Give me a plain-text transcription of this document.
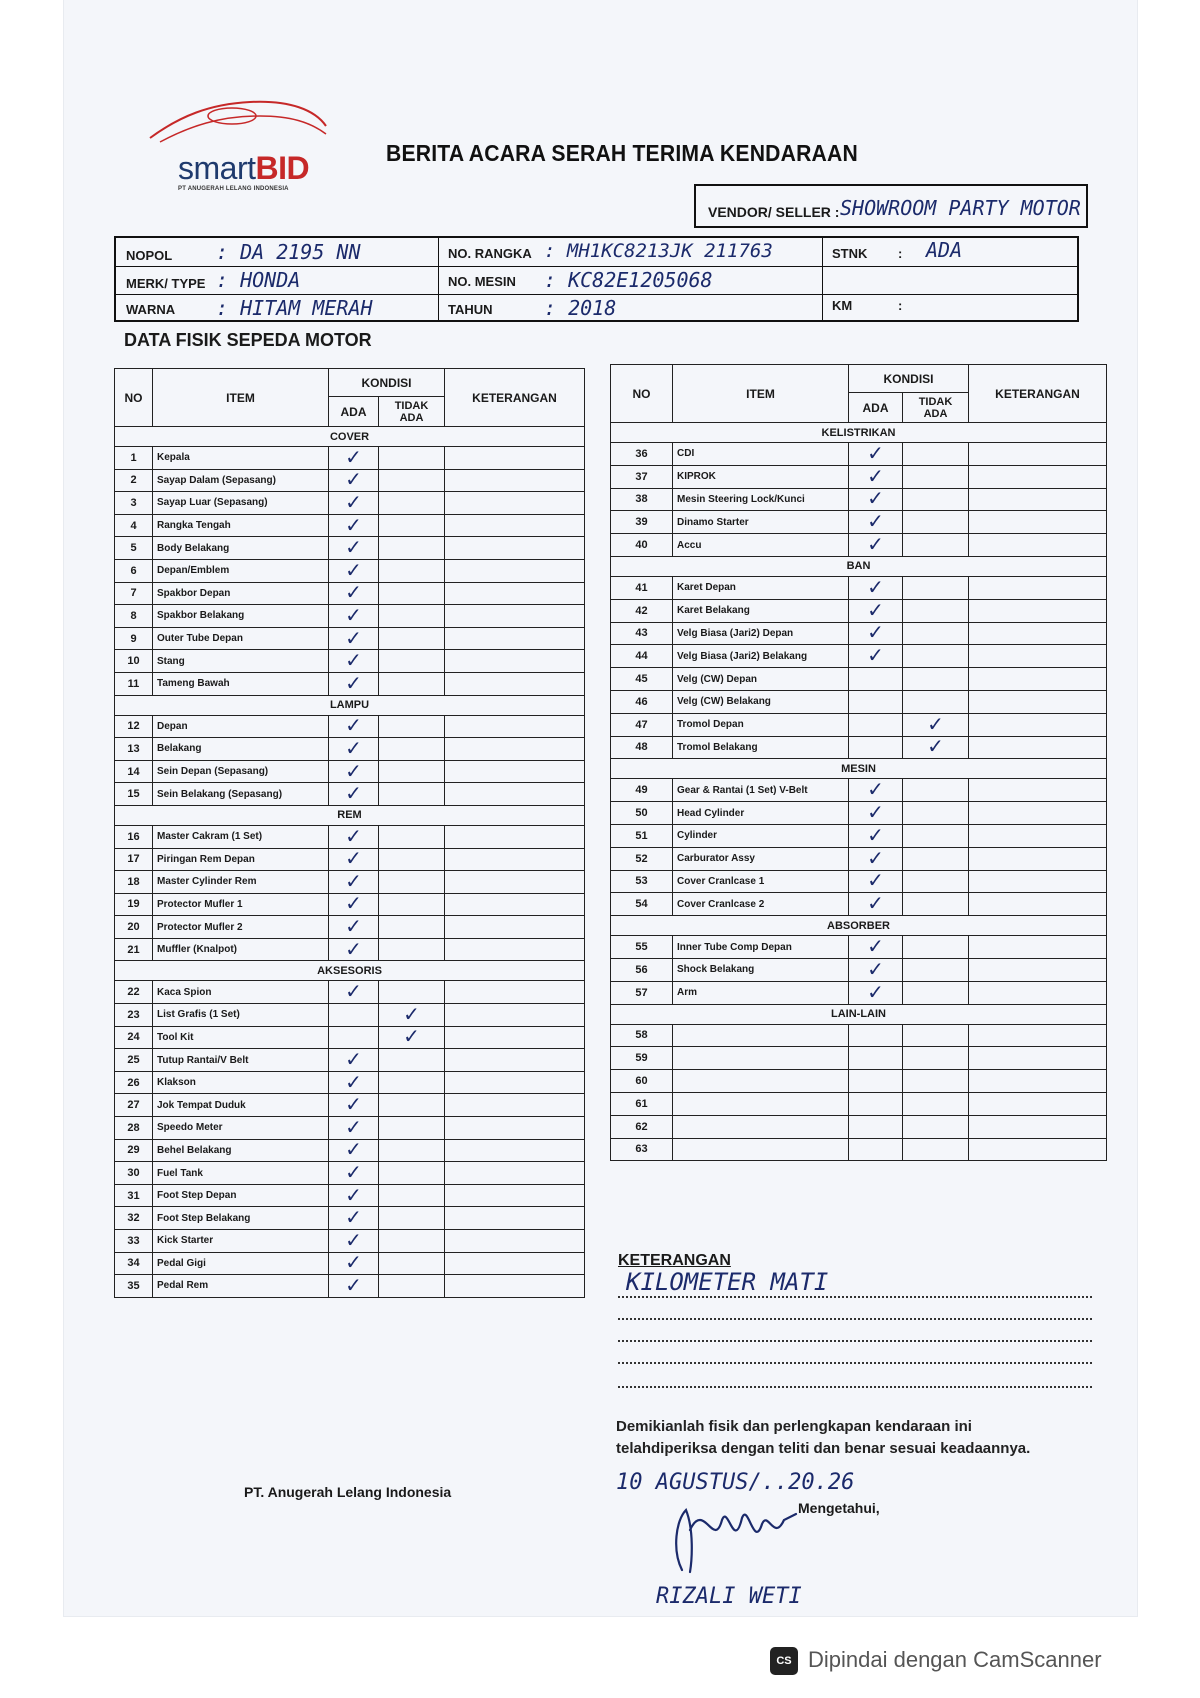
smartBID
PT ANUGERAH LELANG INDONESIA
BERITA ACARA SERAH TERIMA KENDARAAN
VENDOR/ SELLER : SHOWROOM PARTY MOTOR
NOPOL : DA 2195 NN
MERK/ TYPE : HONDA
WARNA : HITAM MERAH
NO. RANGKA : MH1KC8213JK 211763
NO. MESIN : KC82E1205068
TAHUN	: 2018
STNK : ADA
KM	:
DATA FISIK SEPEDA MOTOR
NO	ITEM	KONDISI		KETERANGAN
		ADA	TIDAK ADA	
COVER				
1	Kepala	✓		
2	Sayap Dalam (Sepasang)	✓		
3	Sayap Luar (Sepasang)	✓		
4	Rangka Tengah	✓		
5	Body Belakang	✓		
6	Depan/Emblem	✓		
7	Spakbor Depan	✓		
8	Spakbor Belakang	✓		
9	Outer Tube Depan	✓		
10	Stang	✓		
11	Tameng Bawah	✓		
LAMPU				
12	Depan	✓		
13	Belakang	✓		
14	Sein Depan (Sepasang)	✓		
15	Sein Belakang (Sepasang)	✓		
REM				
16	Master Cakram (1 Set)	✓		
17	Piringan Rem Depan	✓		
18	Master Cylinder Rem	✓		
19	Protector Mufler 1	✓		
20	Protector Mufler 2	✓		
21	Muffler (Knalpot)	✓		
AKSESORIS				
22	Kaca Spion	✓		
23	List Grafis (1 Set)		✓	
24	Tool Kit		✓	
25	Tutup Rantai/V Belt	✓		
26	Klakson	✓		
27	Jok Tempat Duduk	✓		
28	Speedo Meter	✓		
29	Behel Belakang	✓		
30	Fuel Tank	✓		
31	Foot Step Depan	✓		
32	Foot Step Belakang	✓		
33	Kick Starter	✓		
34	Pedal Gigi	✓		
35	Pedal Rem	✓		
NO	ITEM	KONDISI		KETERANGAN
		ADA	TIDAK ADA	
KELISTRIKAN				
36	CDI	✓		
37	KIPROK	✓		
38	Mesin Steering Lock/Kunci	✓		
39	Dinamo Starter	✓		
40	Accu	✓		
BAN				
41	Karet Depan	✓		
42	Karet Belakang	✓		
43	Velg Biasa (Jari2) Depan	✓		
44	Velg Biasa (Jari2) Belakang	✓		
45	Velg (CW) Depan			
46	Velg (CW) Belakang			
47	Tromol Depan		✓	
48	Tromol Belakang		✓	
MESIN				
49	Gear & Rantai (1 Set) V-Belt	✓		
50	Head Cylinder	✓		
51	Cylinder	✓		
52	Carburator Assy	✓		
53	Cover Cranlcase 1	✓		
54	Cover Cranlcase 2	✓		
ABSORBER				
55	Inner Tube Comp Depan	✓		
56	Shock Belakang	✓		
57	Arm	✓		
LAIN-LAIN				
58				
59				
60				
61				
62				
63				
KETERANGAN
KILOMETER MATI
Demikianlah fisik dan perlengkapan kendaraan ini
telahdiperiksa dengan teliti dan benar sesuai keadaannya.
PT. Anugerah Lelang Indonesia	10 AGUSTUS/..20.26
Mengetahui,
RIZALI WETI
CS Dipindai dengan CamScanner
